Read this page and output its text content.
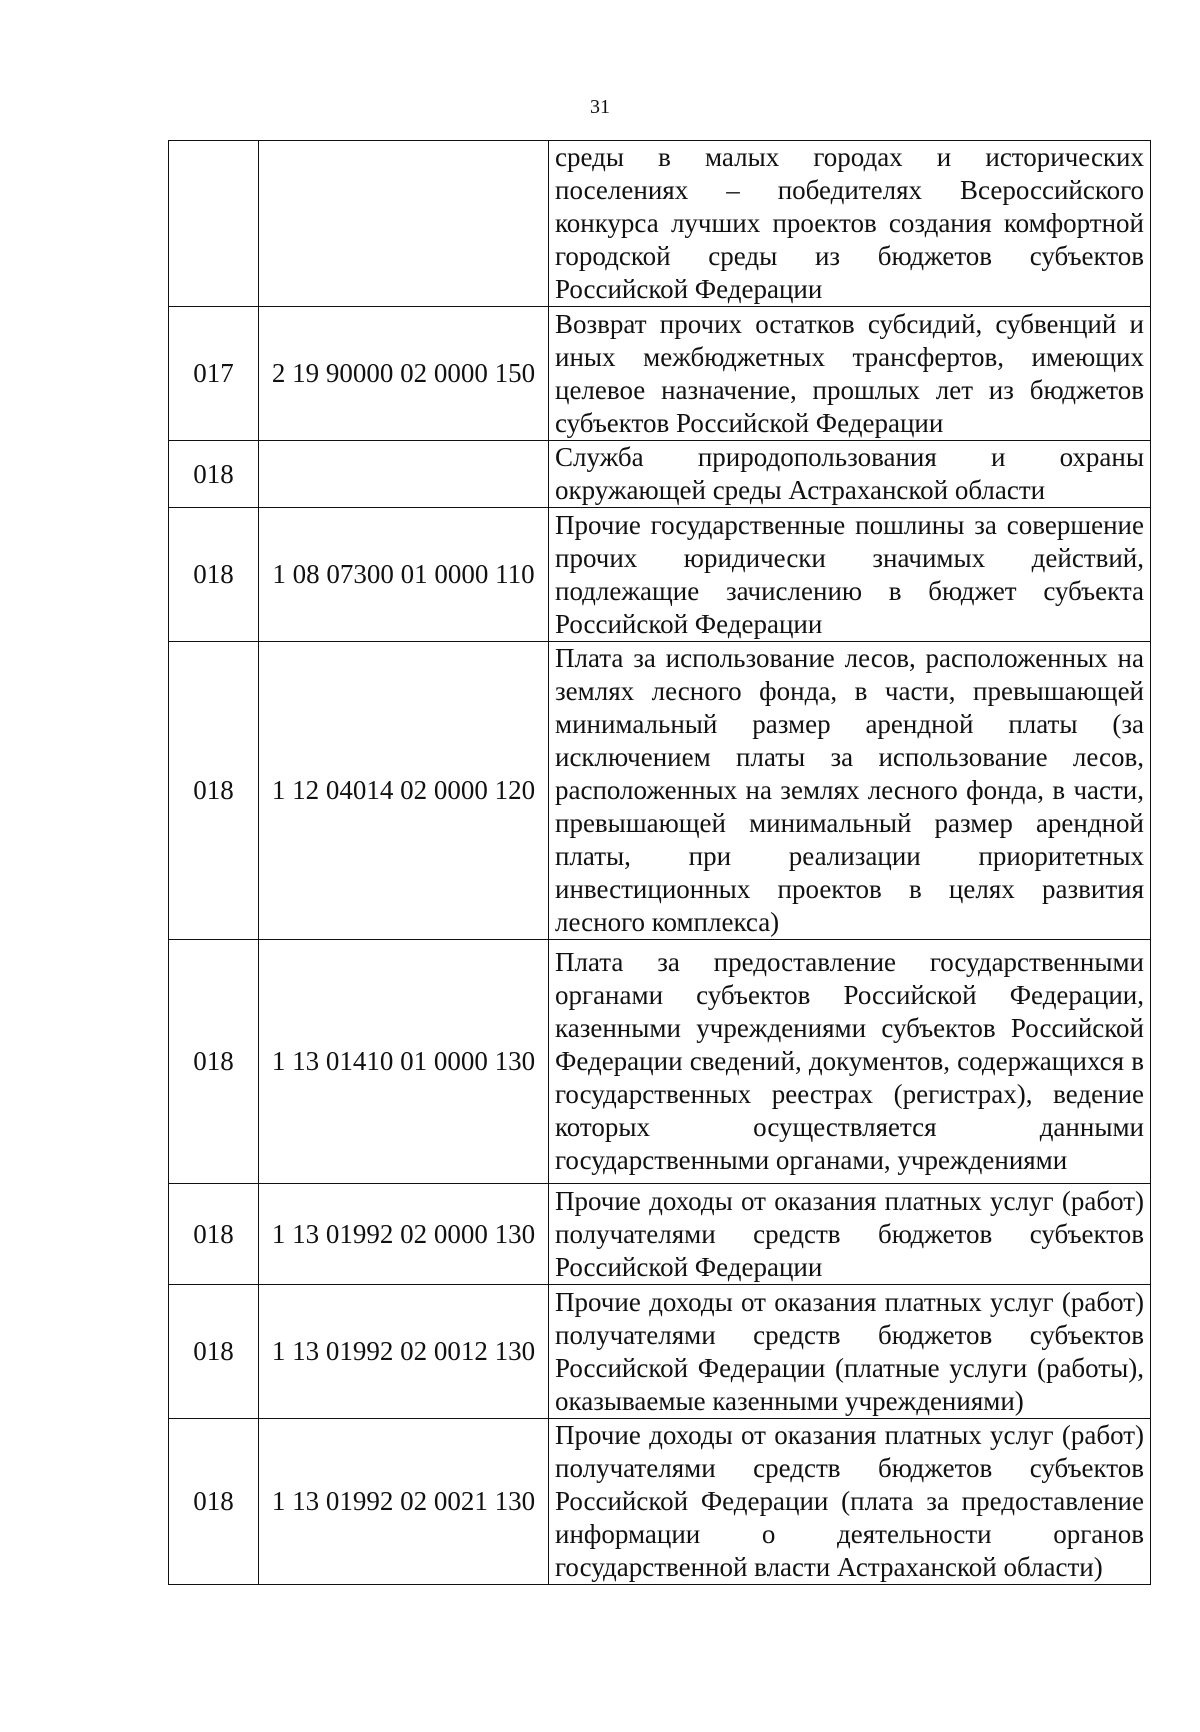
31
		среды в малых городах и исторических поселениях – победителях Всероссийского конкурса лучших проектов создания комфортной городской среды из бюджетов субъектов Российской Федерации
017	2 19 90000 02 0000 150	Возврат прочих остатков субсидий, субвенций и иных межбюджетных трансфертов, имеющих целевое назначение, прошлых лет из бюджетов субъектов Российской Федерации
018		Служба природопользования и охраны окружающей среды Астраханской области
018	1 08 07300 01 0000 110	Прочие государственные пошлины за совершение прочих юридически значимых действий, подлежащие зачислению в бюджет субъекта Российской Федерации
018	1 12 04014 02 0000 120	Плата за использование лесов, расположенных на землях лесного фонда, в части, превышающей минимальный размер арендной платы (за исключением платы за использование лесов, расположенных на землях лесного фонда, в части, превышающей минимальный размер арендной платы, при реализации приоритетных инвестиционных проектов в целях развития лесного комплекса)
018	1 13 01410 01 0000 130	Плата за предоставление государственными органами субъектов Российской Федерации, казенными учреждениями субъектов Российской Федерации сведений, документов, содержащихся в государственных реестрах (регистрах), ведение которых осуществляется данными государственными органами, учреждениями
018	1 13 01992 02 0000 130	Прочие доходы от оказания платных услуг (работ) получателями средств бюджетов субъектов Российской Федерации
018	1 13 01992 02 0012 130	Прочие доходы от оказания платных услуг (работ) получателями средств бюджетов субъектов Российской Федерации (платные услуги (работы), оказываемые казенными учреждениями)
018	1 13 01992 02 0021 130	Прочие доходы от оказания платных услуг (работ) получателями средств бюджетов субъектов Российской Федерации (плата за предоставление информации о деятельности органов государственной власти Астраханской области)
